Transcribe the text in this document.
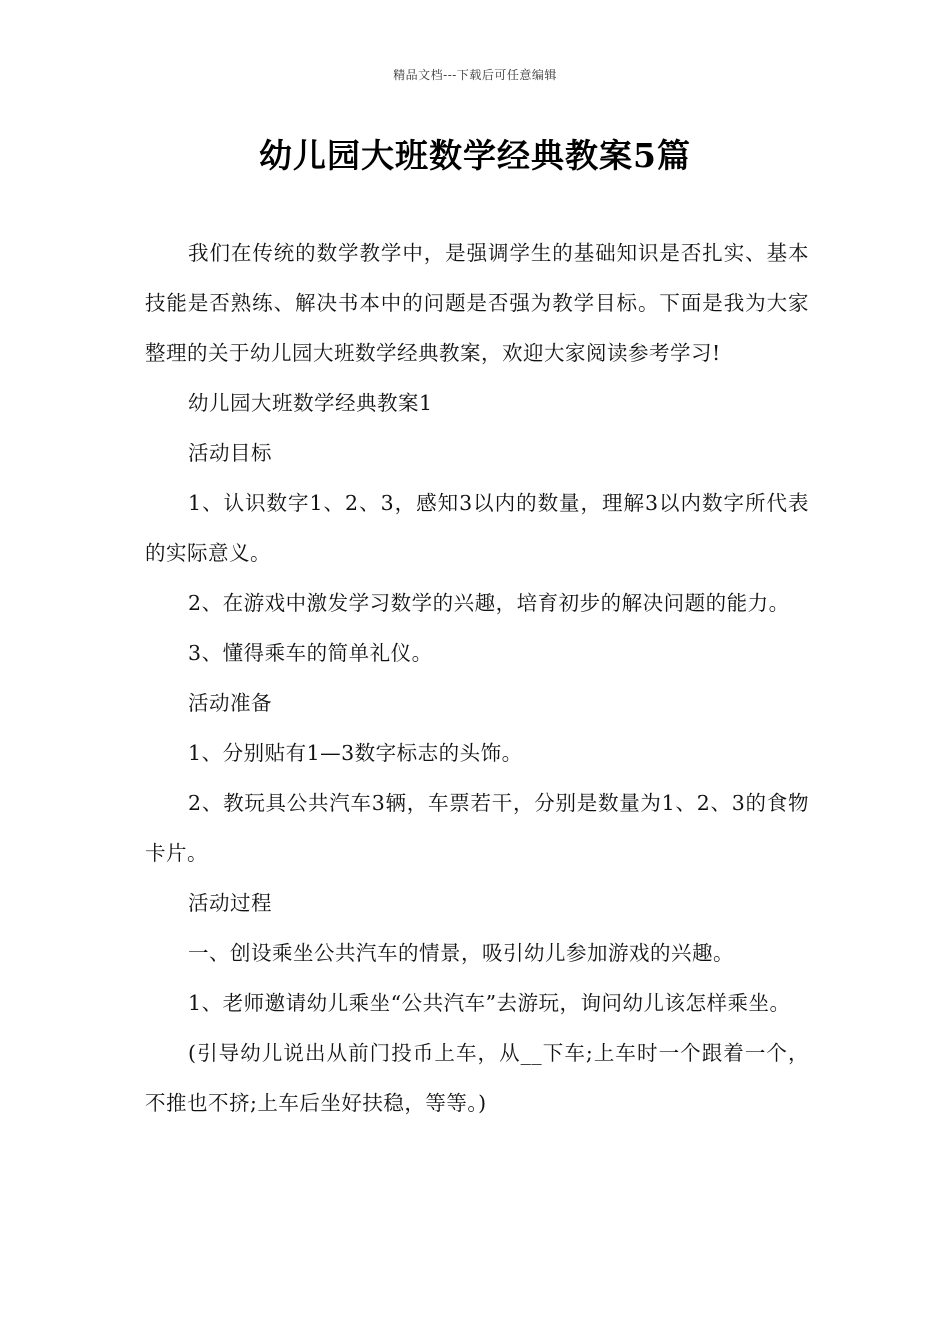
精品文档---下载后可任意编辑
幼儿园大班数学经典教案5篇

我们在传统的数学教学中，是强调学生的基础知识是否扎实、基本技能是否熟练、解决书本中的问题是否强为教学目标。下面是我为大家整理的关于幼儿园大班数学经典教案，欢迎大家阅读参考学习!

幼儿园大班数学经典教案1

活动目标

1、认识数字1、2、3，感知3以内的数量，理解3以内数字所代表的实际意义。

2、在游戏中激发学习数学的兴趣，培育初步的解决问题的能力。

3、懂得乘车的简单礼仪。

活动准备

1、分别贴有1—3数字标志的头饰。

2、教玩具公共汽车3辆，车票若干，分别是数量为1、2、3的食物卡片。

活动过程

一、创设乘坐公共汽车的情景，吸引幼儿参加游戏的兴趣。

1、老师邀请幼儿乘坐“公共汽车”去游玩，询问幼儿该怎样乘坐。

(引导幼儿说出从前门投币上车，从__下车;上车时一个跟着一个，不推也不挤;上车后坐好扶稳，等等。)
